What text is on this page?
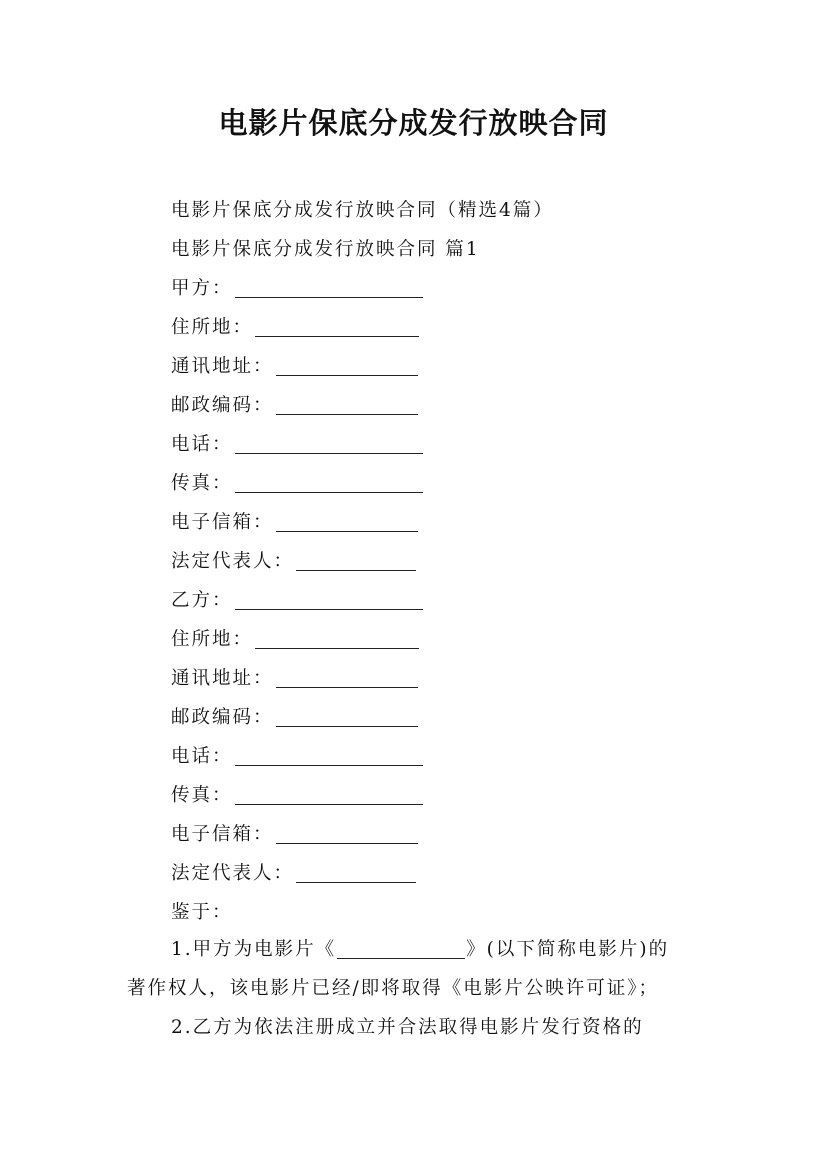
电影片保底分成发行放映合同

电影片保底分成发行放映合同（精选4篇）

电影片保底分成发行放映合同 篇1

甲方：

住所地：

通讯地址：

邮政编码：

电话：

传真：

电子信箱：

法定代表人：

乙方：

住所地：

通讯地址：

邮政编码：

电话：

传真：

电子信箱：

法定代表人：

鉴于：

1.甲方为电影片《	》(以下简称电影片)的

著作权人，该电影片已经/即将取得《电影片公映许可证》；

2.乙方为依法注册成立并合法取得电影片发行资格的
